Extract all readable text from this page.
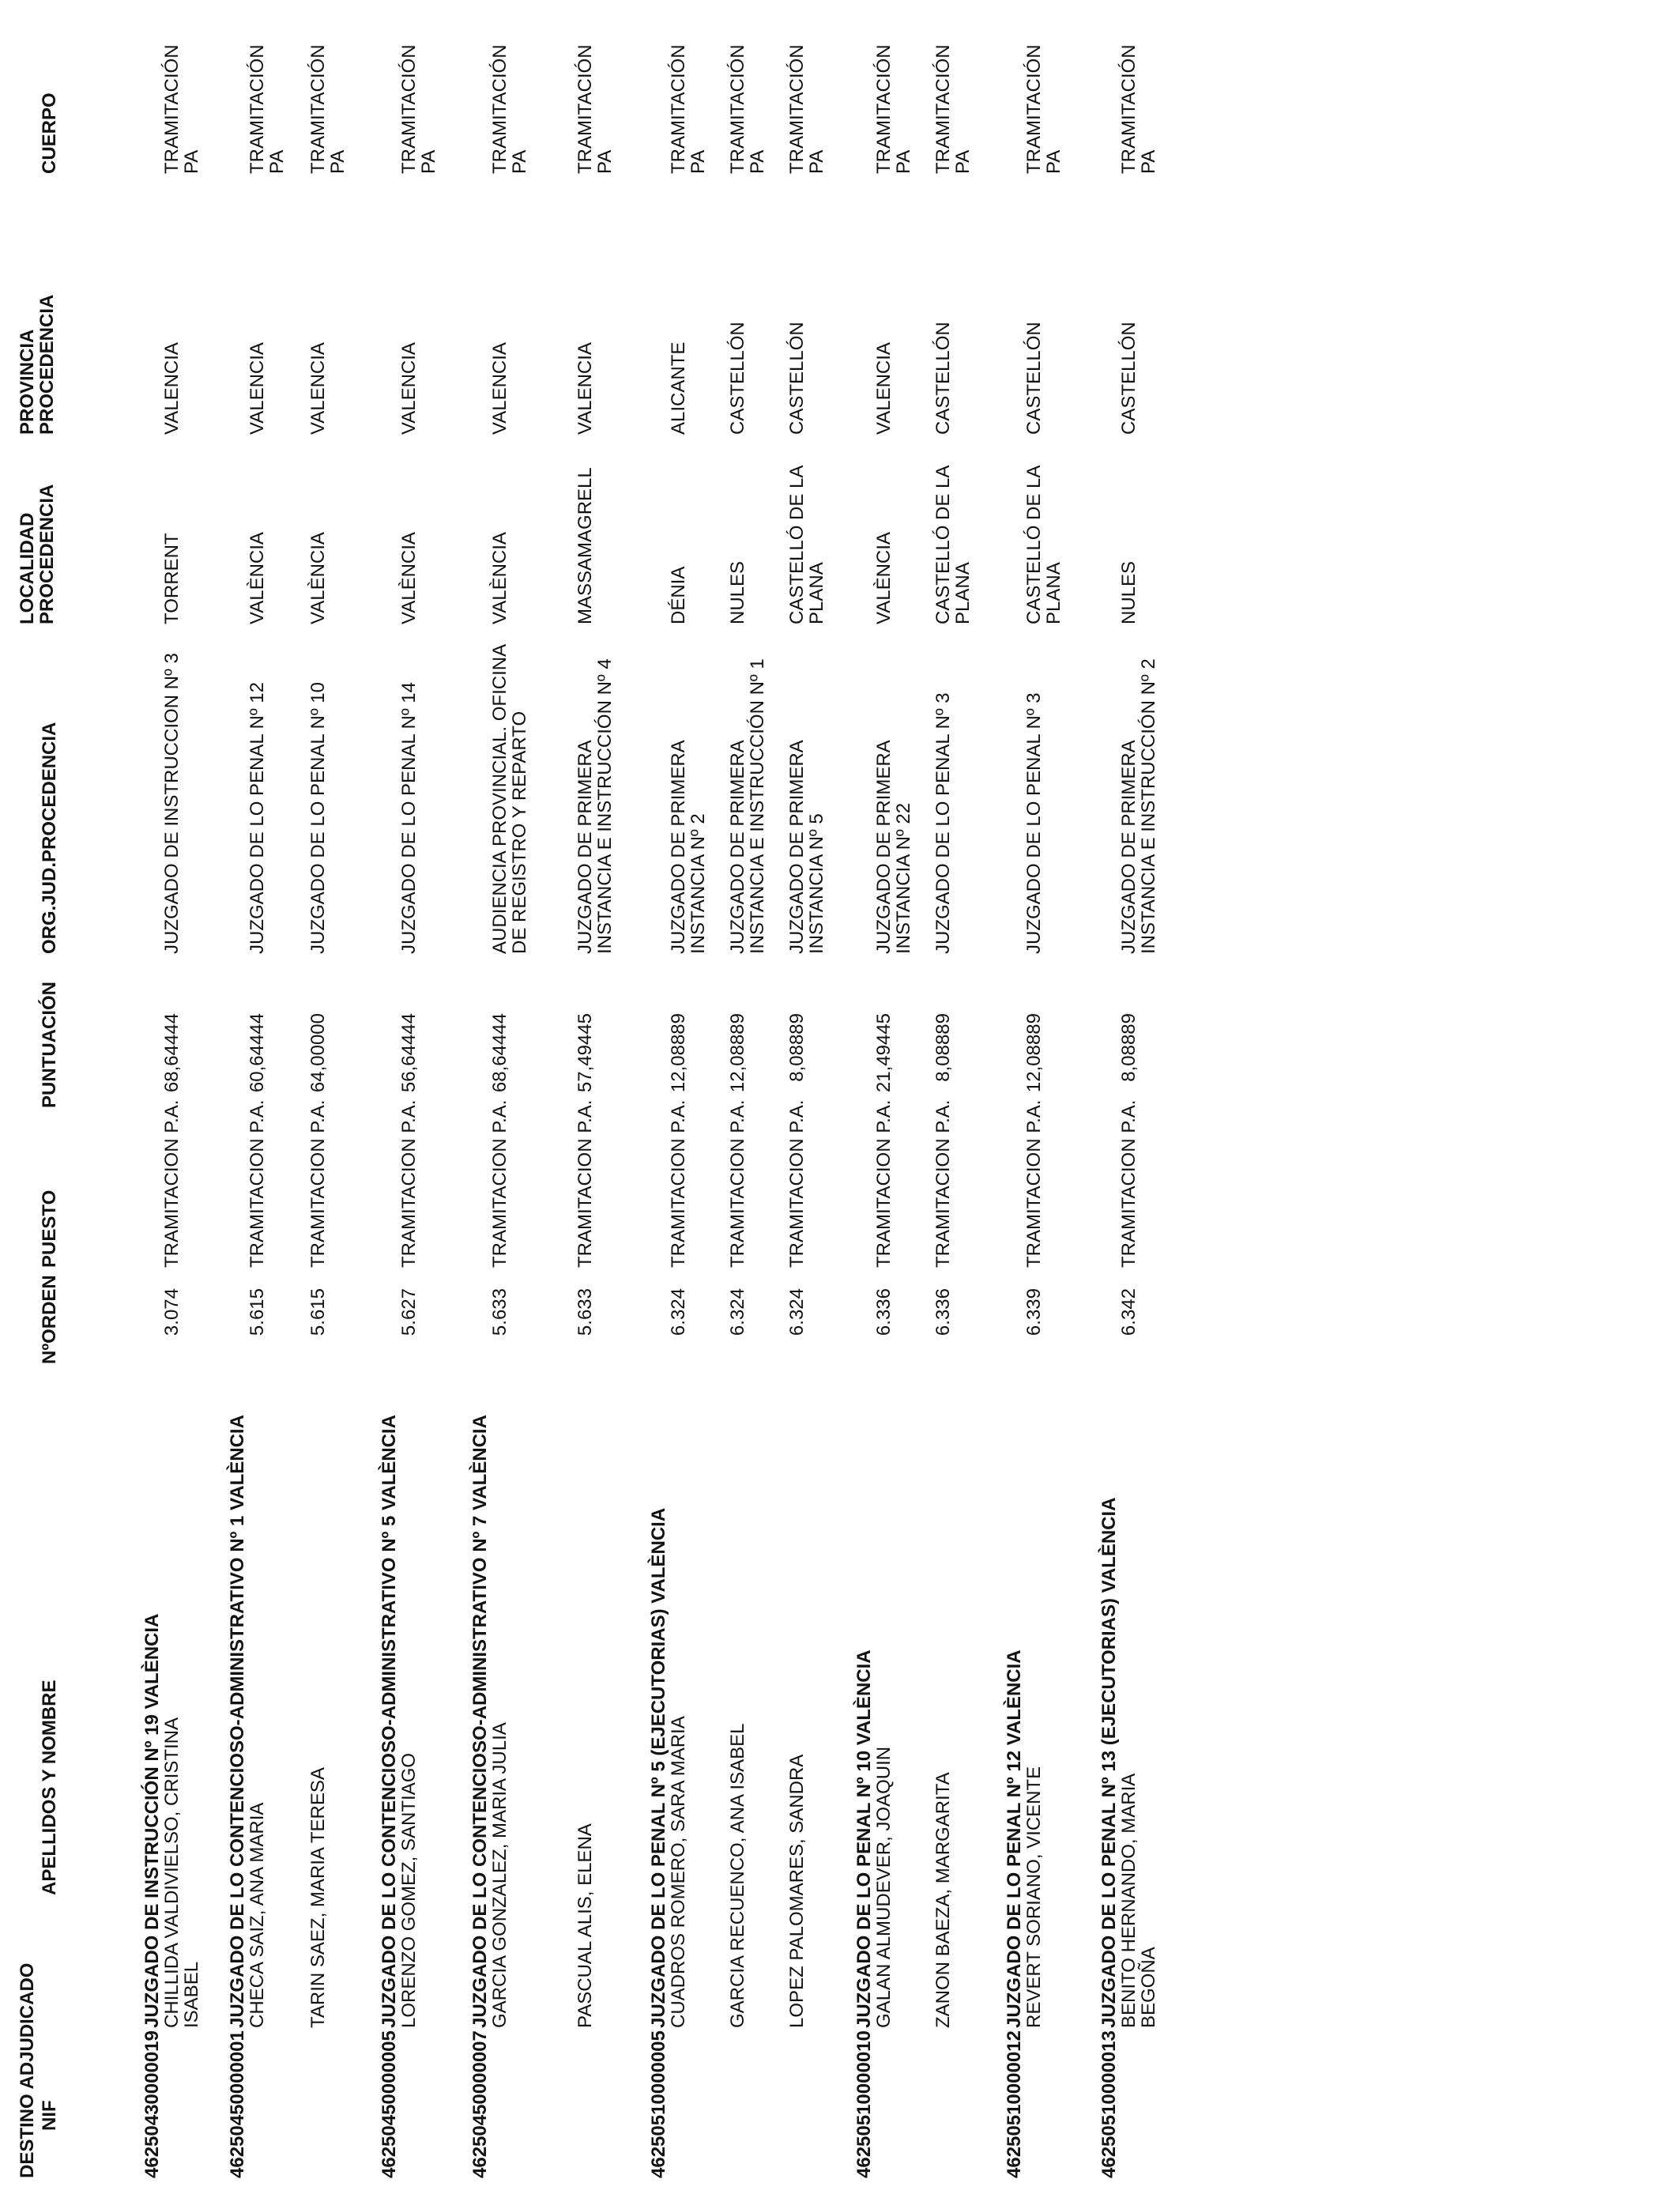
DESTINO ADJUDICADO NIF
APELLIDOS Y NOMBRE
NºORDEN
PUESTO
PUNTUACIÓN
ORG.JUD.PROCEDENCIA
LOCALIDAD PROCEDENCIA
PROVINCIA PROCEDENCIA
CUERPO
46250430000019
JUZGADO DE INSTRUCCIÓN Nº 19 VALÈNCIA
CHILLIDA VALDIVIELSO, CRISTINA ISABEL
3.074
TRAMITACION P.A.
68,64444
JUZGADO DE INSTRUCCION Nº 3
TORRENT
VALENCIA
TRAMITACIÓN PA
46250450000001
JUZGADO DE LO CONTENCIOSO-ADMINISTRATIVO Nº 1 VALÈNCIA
CHECA SAIZ, ANA MARIA
5.615
TRAMITACION P.A.
60,64444
JUZGADO DE LO PENAL Nº 12
VALÈNCIA
VALENCIA
TRAMITACIÓN PA
TARIN SAEZ, MARIA TERESA
5.615
TRAMITACION P.A.
64,00000
JUZGADO DE LO PENAL Nº 10
VALÈNCIA
VALENCIA
TRAMITACIÓN PA
46250450000005
JUZGADO DE LO CONTENCIOSO-ADMINISTRATIVO Nº 5 VALÈNCIA
LORENZO GOMEZ, SANTIAGO
5.627
TRAMITACION P.A.
56,64444
JUZGADO DE LO PENAL Nº 14
VALÈNCIA
VALENCIA
TRAMITACIÓN PA
46250450000007
JUZGADO DE LO CONTENCIOSO-ADMINISTRATIVO Nº 7 VALÈNCIA
GARCIA GONZALEZ, MARIA JULIA
5.633
TRAMITACION P.A.
68,64444
AUDIENCIA PROVINCIAL. OFICINA DE REGISTRO Y REPARTO
VALÈNCIA
VALENCIA
TRAMITACIÓN PA
PASCUAL ALIS, ELENA
5.633
TRAMITACION P.A.
57,49445
JUZGADO DE PRIMERA INSTANCIA E INSTRUCCIÓN Nº 4
MASSAMAGRELL
VALENCIA
TRAMITACIÓN PA
46250510000005
JUZGADO DE LO PENAL Nº 5 (EJECUTORIAS) VALÈNCIA
CUADROS ROMERO, SARA MARIA
6.324
TRAMITACION P.A.
12,08889
JUZGADO DE PRIMERA INSTANCIA Nº 2
DÉNIA
ALICANTE
TRAMITACIÓN PA
GARCIA RECUENCO, ANA ISABEL
6.324
TRAMITACION P.A.
12,08889
JUZGADO DE PRIMERA INSTANCIA E INSTRUCCIÓN Nº 1
NULES
CASTELLÓN
TRAMITACIÓN PA
LOPEZ PALOMARES, SANDRA
6.324
TRAMITACION P.A.
8,08889
JUZGADO DE PRIMERA INSTANCIA Nº 5
CASTELLÓ DE LA PLANA
CASTELLÓN
TRAMITACIÓN PA
46250510000010
JUZGADO DE LO PENAL Nº 10 VALÈNCIA
GALAN ALMUDEVER, JOAQUIN
6.336
TRAMITACION P.A.
21,49445
JUZGADO DE PRIMERA INSTANCIA Nº 22
VALÈNCIA
VALENCIA
TRAMITACIÓN PA
ZANON BAEZA, MARGARITA
6.336
TRAMITACION P.A.
8,08889
JUZGADO DE LO PENAL Nº 3
CASTELLÓ DE LA PLANA
CASTELLÓN
TRAMITACIÓN PA
46250510000012
JUZGADO DE LO PENAL Nº 12 VALÈNCIA
REVERT SORIANO, VICENTE
6.339
TRAMITACION P.A.
12,08889
JUZGADO DE LO PENAL Nº 3
CASTELLÓ DE LA PLANA
CASTELLÓN
TRAMITACIÓN PA
46250510000013
JUZGADO DE LO PENAL Nº 13 (EJECUTORIAS) VALÈNCIA
BENITO HERNANDO, MARIA BEGOÑA
6.342
TRAMITACION P.A.
8,08889
JUZGADO DE PRIMERA INSTANCIA E INSTRUCCIÓN Nº 2
NULES
CASTELLÓN
TRAMITACIÓN PA
